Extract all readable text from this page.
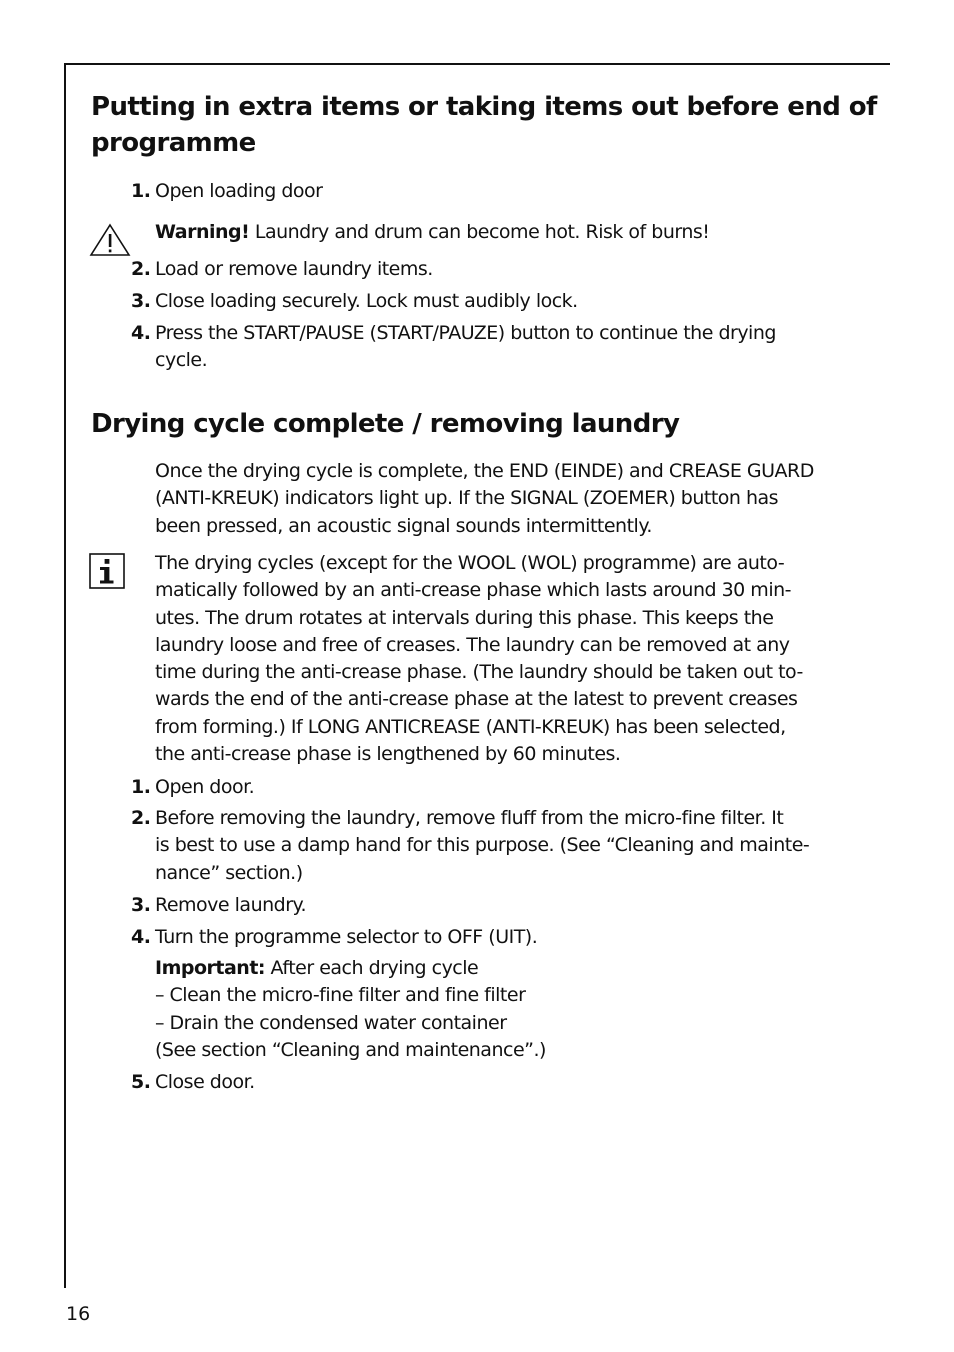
Putting in extra items or taking items out before end of
programme
1. Open loading door
Warning! Laundry and drum can become hot. Risk of burns!
2. Load or remove laundry items.
3. Close loading securely. Lock must audibly lock.
4. Press the START/PAUSE (START/PAUZE) button to continue the drying
cycle.
Drying cycle complete / removing laundry
Once the drying cycle is complete, the END (EINDE) and CREASE GUARD
(ANTI-KREUK) indicators light up. If the SIGNAL (ZOEMER) button has
been pressed, an acoustic signal sounds intermittently.
The drying cycles (except for the WOOL (WOL) programme) are auto-
matically followed by an anti-crease phase which lasts around 30 min-
utes. The drum rotates at intervals during this phase. This keeps the
laundry loose and free of creases. The laundry can be removed at any
time during the anti-crease phase. (The laundry should be taken out to-
wards the end of the anti-crease phase at the latest to prevent creases
from forming.) If LONG ANTICREASE (ANTI-KREUK) has been selected,
the anti-crease phase is lengthened by 60 minutes.
1. Open door.
2. Before removing the laundry, remove fluff from the micro-fine filter. It
is best to use a damp hand for this purpose. (See “Cleaning and mainte-
nance” section.)
3. Remove laundry.
4. Turn the programme selector to OFF (UIT).
Important: After each drying cycle
– Clean the micro-fine filter and fine filter
– Drain the condensed water container
(See section “Cleaning and maintenance”.)
5. Close door.
16
